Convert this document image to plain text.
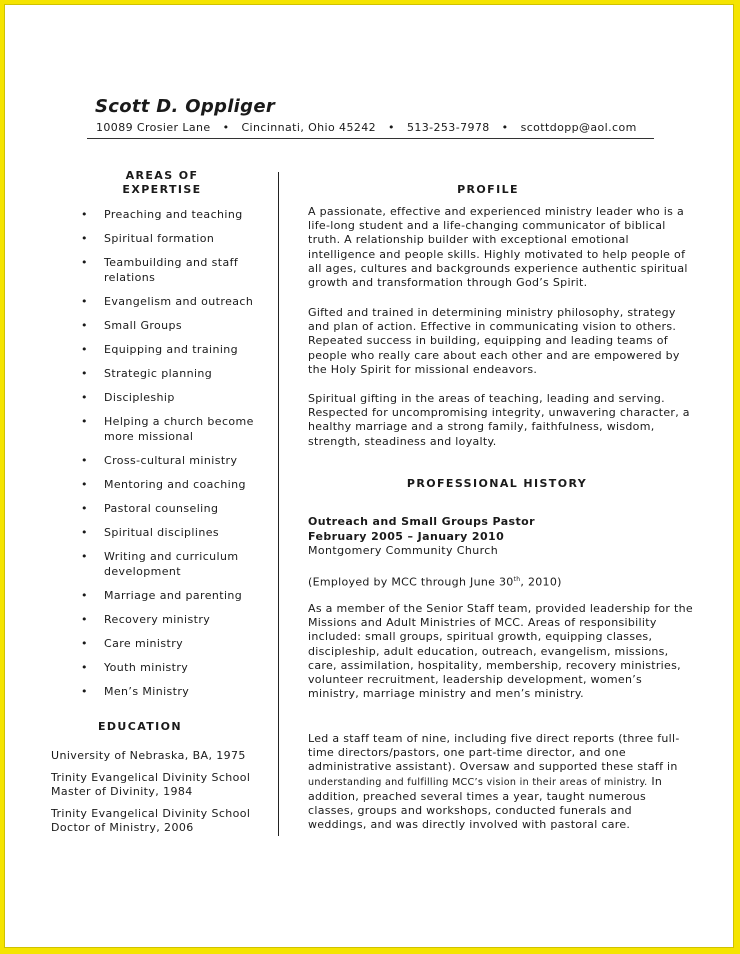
Scott D. Oppliger
10089 Crosier Lane • Cincinnati, Ohio 45242 • 513-253-7978 • scottdopp@aol.com
AREAS OF
EXPERTISE
• Preaching and teaching
• Spiritual formation
• Teambuilding and staff relations
• Evangelism and outreach
• Small Groups
• Equipping and training
• Strategic planning
• Discipleship
• Helping a church become more missional
• Cross-cultural ministry
• Mentoring and coaching
• Pastoral counseling
• Spiritual disciplines
• Writing and curriculum development
• Marriage and parenting
• Recovery ministry
• Care ministry
• Youth ministry
• Men’s Ministry
EDUCATION

University of Nebraska, BA, 1975

Trinity Evangelical Divinity School
Master of Divinity, 1984

Trinity Evangelical Divinity School
Doctor of Ministry, 2006

PROFILE

A passionate, effective and experienced ministry leader who is a life-long student and a life-changing communicator of biblical truth. A relationship builder with exceptional emotional intelligence and people skills. Highly motivated to help people of all ages, cultures and backgrounds experience authentic spiritual growth and transformation through God’s Spirit.

Gifted and trained in determining ministry philosophy, strategy and plan of action. Effective in communicating vision to others. Repeated success in building, equipping and leading teams of people who really care about each other and are empowered by the Holy Spirit for missional endeavors.

Spiritual gifting in the areas of teaching, leading and serving. Respected for uncompromising integrity, unwavering character, a healthy marriage and a strong family, faithfulness, wisdom, strength, steadiness and loyalty.

PROFESSIONAL HISTORY
Outreach and Small Groups Pastor
February 2005 – January 2010
Montgomery Community Church

(Employed by MCC through June 30th, 2010)

As a member of the Senior Staff team, provided leadership for the Missions and Adult Ministries of MCC. Areas of responsibility included: small groups, spiritual growth, equipping classes, discipleship, adult education, outreach, evangelism, missions, care, assimilation, hospitality, membership, recovery ministries, volunteer recruitment, leadership development, women’s ministry, marriage ministry and men’s ministry.

Led a staff team of nine, including five direct reports (three full-time directors/pastors, one part-time director, and one administrative assistant). Oversaw and supported these staff in understanding and fulfilling MCC’s vision in their areas of ministry. In addition, preached several times a year, taught numerous classes, groups and workshops, conducted funerals and weddings, and was directly involved with pastoral care.
